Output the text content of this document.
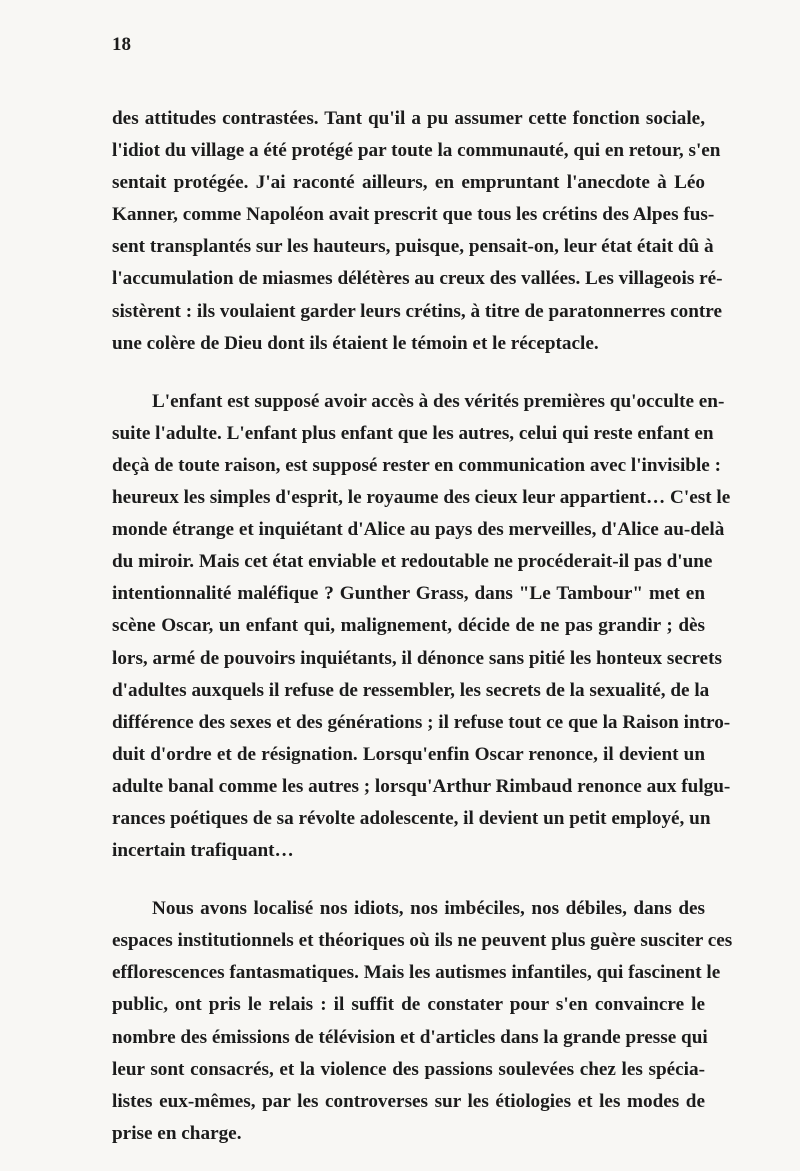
18
des attitudes contrastées. Tant qu'il a pu assumer cette fonction sociale,
l'idiot du village a été protégé par toute la communauté, qui en retour, s'en
sentait protégée. J'ai raconté ailleurs, en empruntant l'anecdote à Léo
Kanner, comme Napoléon avait prescrit que tous les crétins des Alpes fus-
sent transplantés sur les hauteurs, puisque, pensait-on, leur état était dû à
l'accumulation de miasmes délétères au creux des vallées. Les villageois ré-
sistèrent : ils voulaient garder leurs crétins, à titre de paratonnerres contre
une colère de Dieu dont ils étaient le témoin et le réceptacle.
L'enfant est supposé avoir accès à des vérités premières qu'occulte en-
suite l'adulte. L'enfant plus enfant que les autres, celui qui reste enfant en
deçà de toute raison, est supposé rester en communication avec l'invisible :
heureux les simples d'esprit, le royaume des cieux leur appartient… C'est le
monde étrange et inquiétant d'Alice au pays des merveilles, d'Alice au-delà
du miroir. Mais cet état enviable et redoutable ne procéderait-il pas d'une
intentionnalité maléfique ? Gunther Grass, dans "Le Tambour" met en
scène Oscar, un enfant qui, malignement, décide de ne pas grandir ; dès
lors, armé de pouvoirs inquiétants, il dénonce sans pitié les honteux secrets
d'adultes auxquels il refuse de ressembler, les secrets de la sexualité, de la
différence des sexes et des générations ; il refuse tout ce que la Raison intro-
duit d'ordre et de résignation. Lorsqu'enfin Oscar renonce, il devient un
adulte banal comme les autres ; lorsqu'Arthur Rimbaud renonce aux fulgu-
rances poétiques de sa révolte adolescente, il devient un petit employé, un
incertain trafiquant…
Nous avons localisé nos idiots, nos imbéciles, nos débiles, dans des
espaces institutionnels et théoriques où ils ne peuvent plus guère susciter ces
efflorescences fantasmatiques. Mais les autismes infantiles, qui fascinent le
public, ont pris le relais : il suffit de constater pour s'en convaincre le
nombre des émissions de télévision et d'articles dans la grande presse qui
leur sont consacrés, et la violence des passions soulevées chez les spécia-
listes eux-mêmes, par les controverses sur les étiologies et les modes de
prise en charge.
